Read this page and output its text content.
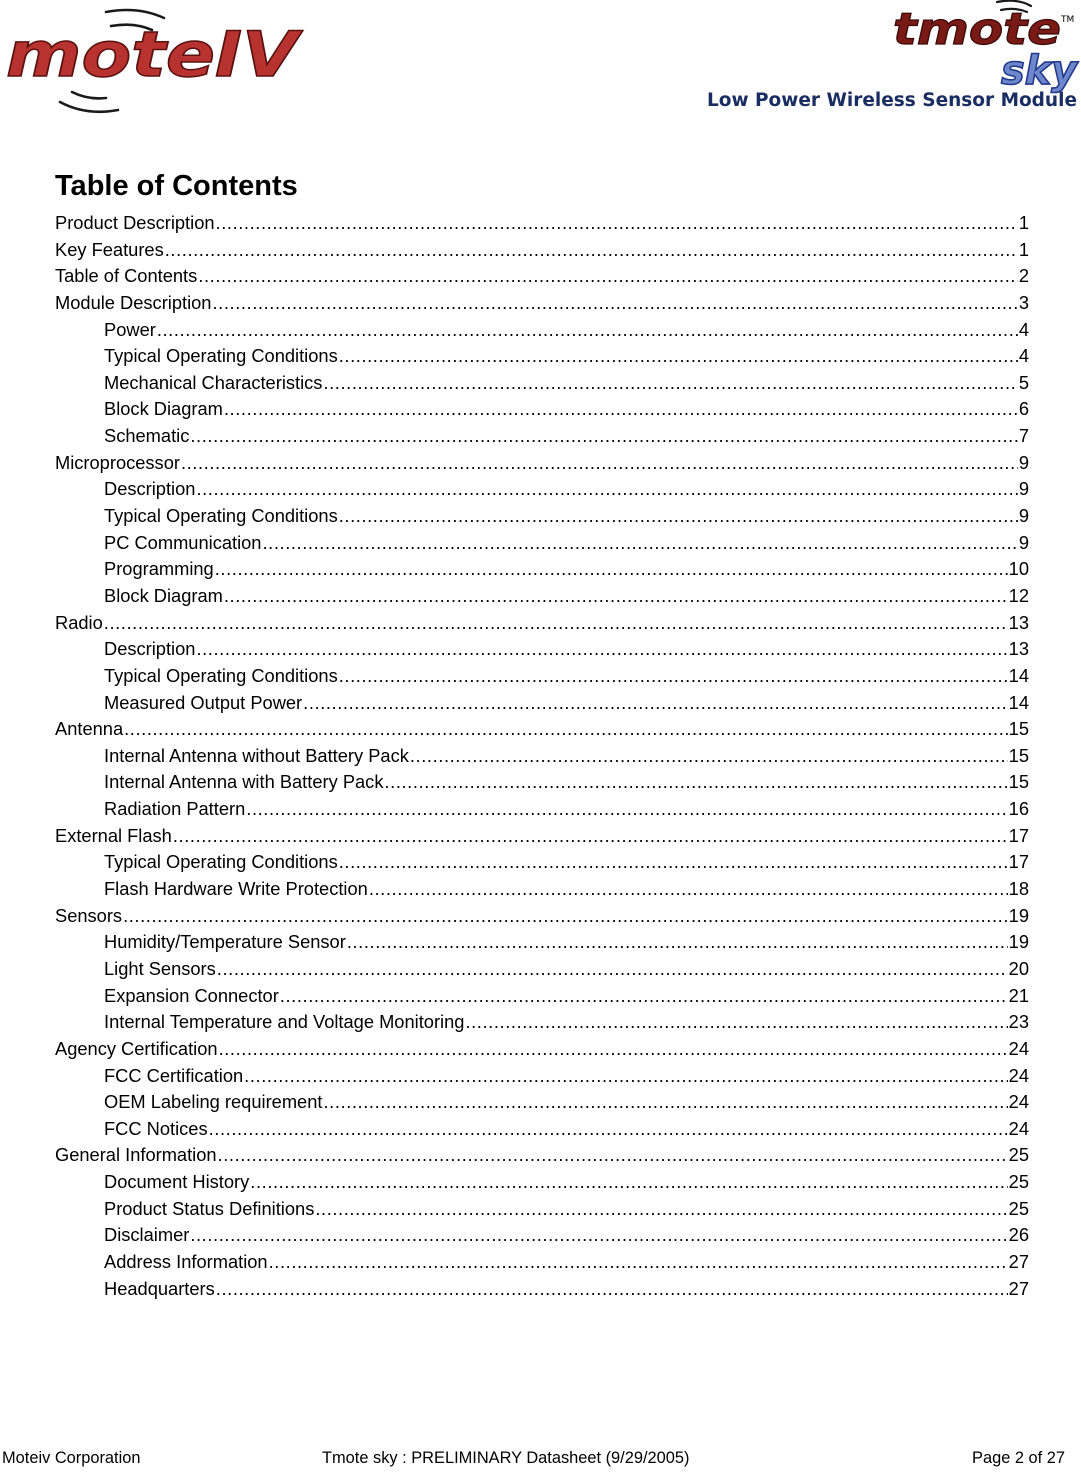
moteIV	tmote TM
sky
Low Power Wireless Sensor Module
Table of Contents
Product Description .....	1
Key Features .....	1
Table of Contents .....	2
Module Description .....	3
Power .....	4
Typical Operating Conditions .....	4
Mechanical Characteristics .....	5
Block Diagram .....	6
Schematic .....	7
Microprocessor .....	9
Description .....	9
Typical Operating Conditions .....	9
PC Communication .....	9
Programming .....	10
Block Diagram .....	12
Radio .....	13
Description .....	13
Typical Operating Conditions .....	14
Measured Output Power .....	14
Antenna .....	15
Internal Antenna without Battery Pack .....	15
Internal Antenna with Battery Pack .....	15
Radiation Pattern .....	16
External Flash .....	17
Typical Operating Conditions .....	17
Flash Hardware Write Protection .....	18
Sensors .....	19
Humidity/Temperature Sensor .....	19
Light Sensors .....	20
Expansion Connector .....	21
Internal Temperature and Voltage Monitoring .....	23
Agency Certification .....	24
FCC Certification .....	24
OEM Labeling requirement .....	24
FCC Notices .....	24
General Information .....	25
Document History .....	25
Product Status Definitions .....	25
Disclaimer .....	26
Address Information .....	27
Headquarters .....	27
Moteiv Corporation	Tmote sky : PRELIMINARY Datasheet (9/29/2005)	Page 2 of 27
